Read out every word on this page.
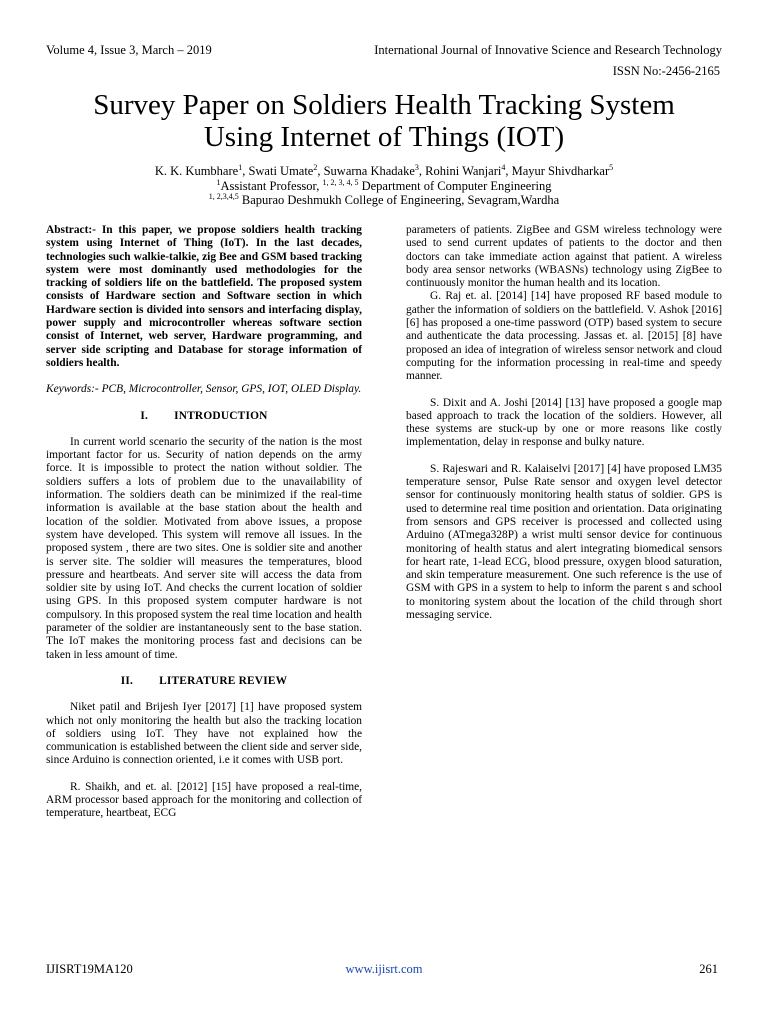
Volume 4, Issue 3, March – 2019	International Journal of Innovative Science and Research Technology
ISSN No:-2456-2165
Survey Paper on Soldiers Health Tracking System
Using Internet of Things (IOT)
K. K. Kumbhare$^1$, Swati Umate$^2$, Suwarna Khadake$^3$, Rohini Wanjari$^4$, Mayur Shivdharkar$^5$
$^1$Assistant Professor, $^{1, 2, 3, 4, 5}$ Department of Computer Engineering
$^{1, 2,3,4,5}$ Bapurao Deshmukh College of Engineering, Sevagram,Wardha

Abstract:- In this paper, we propose soldiers health tracking system using Internet of Thing (IoT). In the last decades, technologies such walkie-talkie, zig Bee and GSM based tracking system were most dominantly used methodologies for the tracking of soldiers life on the battlefield. The proposed system consists of Hardware section and Software section in which Hardware section is divided into sensors and interfacing display, power supply and microcontroller whereas software section consist of Internet, web server, Hardware programming, and server side scripting and Database for storage information of soldiers health.

Keywords:- PCB, Microcontroller, Sensor, GPS, IOT, OLED Display.

I. INTRODUCTION

In current world scenario the security of the nation is the most important factor for us. Security of nation depends on the army force. It is impossible to protect the nation without soldier. The soldiers suffers a lots of problem due to the unavailability of information. The soldiers death can be minimized if the real-time information is available at the base station about the health and location of the soldier. Motivated from above issues, a propose system have developed. This system will remove all issues. In the proposed system , there are two sites. One is soldier site and another is server site. The soldier will measures the temperatures, blood pressure and heartbeats. And server site will access the data from soldier site by using IoT. And checks the current location of soldier using GPS. In this proposed system computer hardware is not compulsory. In this proposed system the real time location and health parameter of the soldier are instantaneously sent to the base station. The IoT makes the monitoring process fast and decisions can be taken in less amount of time.

II. LITERATURE REVIEW

Niket patil and Brijesh Iyer [2017] [1] have proposed system which not only monitoring the health but also the tracking location of soldiers using IoT. They have not explained how the communication is established between the client side and server side, since Arduino is connection oriented, i.e it comes with USB port.

R. Shaikh, and et. al. [2012] [15] have proposed a real-time, ARM processor based approach for the monitoring and collection of temperature, heartbeat, ECG

parameters of patients. ZigBee and GSM wireless technology were used to send current updates of patients to the doctor and then doctors can take immediate action against that patient. A wireless body area sensor networks (WBASNs) technology using ZigBee to continuously monitor the human health and its location.

G. Raj et. al. [2014] [14] have proposed RF based module to gather the information of soldiers on the battlefield. V. Ashok [2016] [6] has proposed a one-time password (OTP) based system to secure and authenticate the data processing. Jassas et. al. [2015] [8] have proposed an idea of integration of wireless sensor network and cloud computing for the information processing in real-time and speedy manner.

S. Dixit and A. Joshi [2014] [13] have proposed a google map based approach to track the location of the soldiers. However, all these systems are stuck-up by one or more reasons like costly implementation, delay in response and bulky nature.

S. Rajeswari and R. Kalaiselvi [2017] [4] have proposed LM35 temperature sensor, Pulse Rate sensor and oxygen level detector sensor for continuously monitoring health status of soldier. GPS is used to determine real time position and orientation. Data originating from sensors and GPS receiver is processed and collected using Arduino (ATmega328P) a wrist multi sensor device for continuous monitoring of health status and alert integrating biomedical sensors for heart rate, 1-lead ECG, blood pressure, oxygen blood saturation, and skin temperature measurement. One such reference is the use of GSM with GPS in a system to help to inform the parent s and school to monitoring system about the location of the child through short messaging service.

IJISRT19MA120	www.ijisrt.com	261
